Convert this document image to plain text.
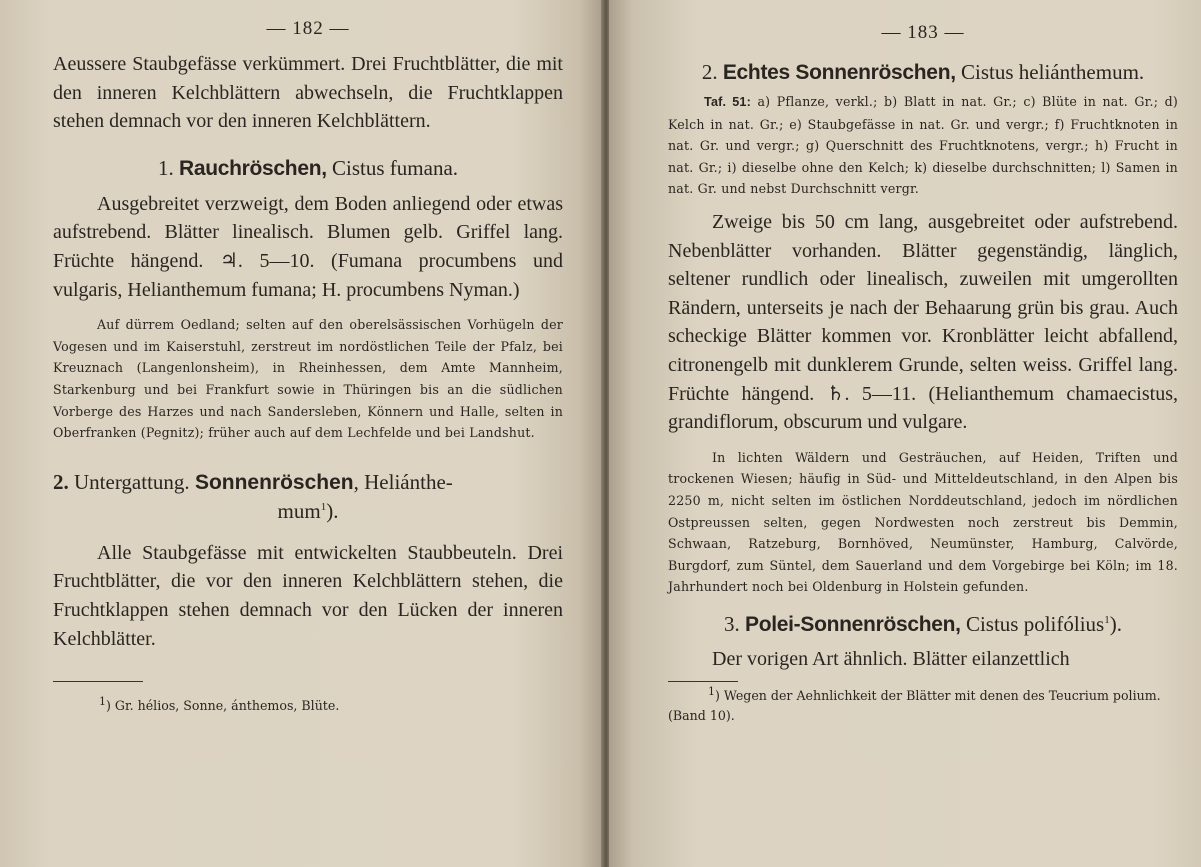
— 182 —

Aeussere Staubgefässe verkümmert. Drei Fruchtblätter, die mit den inneren Kelchblättern abwechseln, die Fruchtklappen stehen demnach vor den inneren Kelchblättern.

1. Rauchröschen, Cistus fumana.

Ausgebreitet verzweigt, dem Boden anliegend oder etwas aufstrebend. Blätter linealisch. Blumen gelb. Griffel lang. Früchte hängend. ♃. 5—10. (Fumana procumbens und vulgaris, Helianthemum fumana; H. procumbens Nyman.)

Auf dürrem Oedland; selten auf den oberelsässischen Vorhügeln der Vogesen und im Kaiserstuhl, zerstreut im nordöstlichen Teile der Pfalz, bei Kreuznach (Langenlonsheim), in Rheinhessen, dem Amte Mannheim, Starkenburg und bei Frankfurt sowie in Thüringen bis an die südlichen Vorberge des Harzes und nach Sandersleben, Könnern und Halle, selten in Oberfranken (Pegnitz); früher auch auf dem Lechfelde und bei Landshut.

2. Untergattung. Sonnenröschen, Heliánthe-

mum$^1$).

Alle Staubgefässe mit entwickelten Staubbeuteln. Drei Fruchtblätter, die vor den inneren Kelchblättern stehen, die Fruchtklappen stehen demnach vor den Lücken der inneren Kelchblätter.

$^1$) Gr. hélios, Sonne, ánthemos, Blüte.

— 183 —

2. Echtes Sonnenröschen, Cistus heliánthemum.

Taf. 51: a) Pflanze, verkl.; b) Blatt in nat. Gr.; c) Blüte in nat. Gr.; d) Kelch in nat. Gr.; e) Staubgefässe in nat. Gr. und vergr.; f) Fruchtknoten in nat. Gr. und vergr.; g) Querschnitt des Fruchtknotens, vergr.; h) Frucht in nat. Gr.; i) dieselbe ohne den Kelch; k) dieselbe durchschnitten; l) Samen in nat. Gr. und nebst Durchschnitt vergr.

Zweige bis 50 cm lang, ausgebreitet oder aufstrebend. Nebenblätter vorhanden. Blätter gegenständig, länglich, seltener rundlich oder linealisch, zuweilen mit umgerollten Rändern, unterseits je nach der Behaarung grün bis grau. Auch scheckige Blätter kommen vor. Kronblätter leicht abfallend, citronengelb mit dunklerem Grunde, selten weiss. Griffel lang. Früchte hängend. ♄. 5—11. (Helianthemum chamaecistus, grandiflorum, obscurum und vulgare.

In lichten Wäldern und Gesträuchen, auf Heiden, Triften und trockenen Wiesen; häufig in Süd- und Mitteldeutschland, in den Alpen bis 2250 m, nicht selten im östlichen Norddeutschland, jedoch im nördlichen Ostpreussen selten, gegen Nordwesten noch zerstreut bis Demmin, Schwaan, Ratzeburg, Bornhöved, Neumünster, Hamburg, Calvörde, Burgdorf, zum Süntel, dem Sauerland und dem Vorgebirge bei Köln; im 18. Jahrhundert noch bei Oldenburg in Holstein gefunden.

3. Polei-Sonnenröschen, Cistus polifólius$^1$).

Der vorigen Art ähnlich. Blätter eilanzettlich

$^1$) Wegen der Aehnlichkeit der Blätter mit denen des Teucrium polium. (Band 10).
